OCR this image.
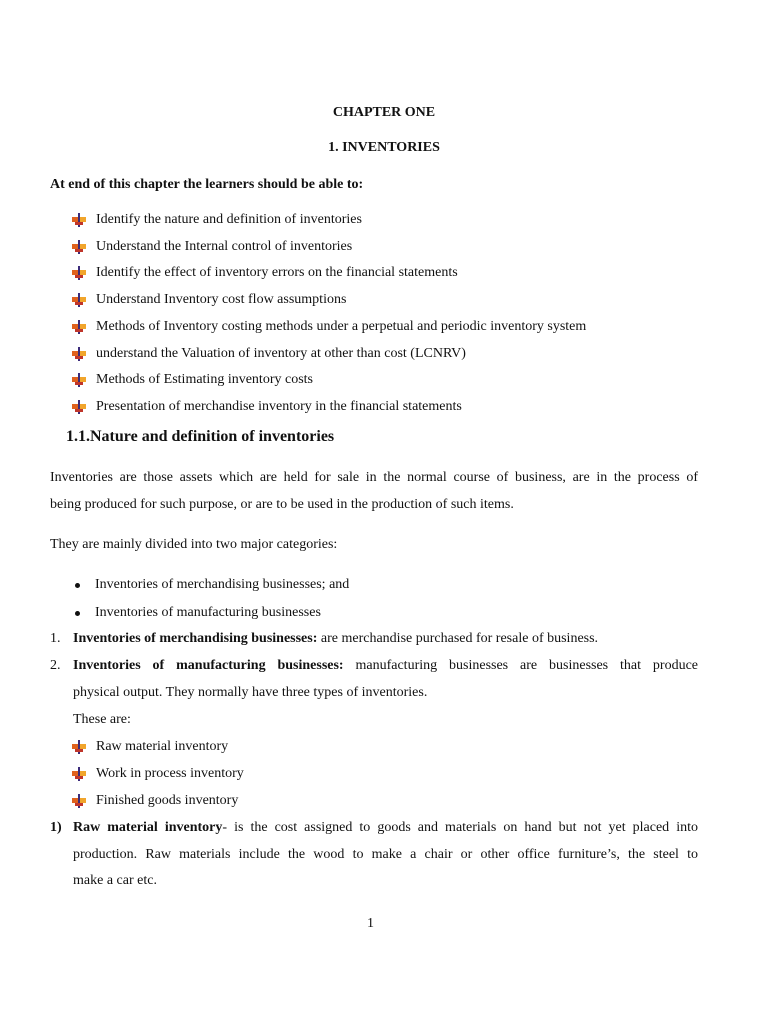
CHAPTER ONE
1. INVENTORIES
At end of this chapter the learners should be able to:
Identify the nature and definition of inventories
Understand the Internal control of inventories
Identify the effect of inventory errors on the financial statements
Understand Inventory cost flow assumptions
Methods of Inventory costing methods under a perpetual and periodic inventory system
understand the Valuation of inventory at other than cost (LCNRV)
Methods of Estimating inventory costs
Presentation of merchandise inventory in the financial statements
1.1.Nature and definition of inventories
Inventories are those assets which are held for sale in the normal course of business, are in the process of
being produced for such purpose, or are to be used in the production of such items.
They are mainly divided into two major categories:
Inventories of merchandising businesses; and
Inventories of manufacturing businesses
1. Inventories of merchandising businesses: are merchandise purchased for resale of business.
2. Inventories of manufacturing businesses: manufacturing businesses are businesses that produce
physical output. They normally have three types of inventories.
These are:
Raw material inventory
Work in process inventory
Finished goods inventory
1) Raw material inventory- is the cost assigned to goods and materials on hand but not yet placed into
production. Raw materials include the wood to make a chair or other office furniture’s, the steel to
make a car etc.
1
